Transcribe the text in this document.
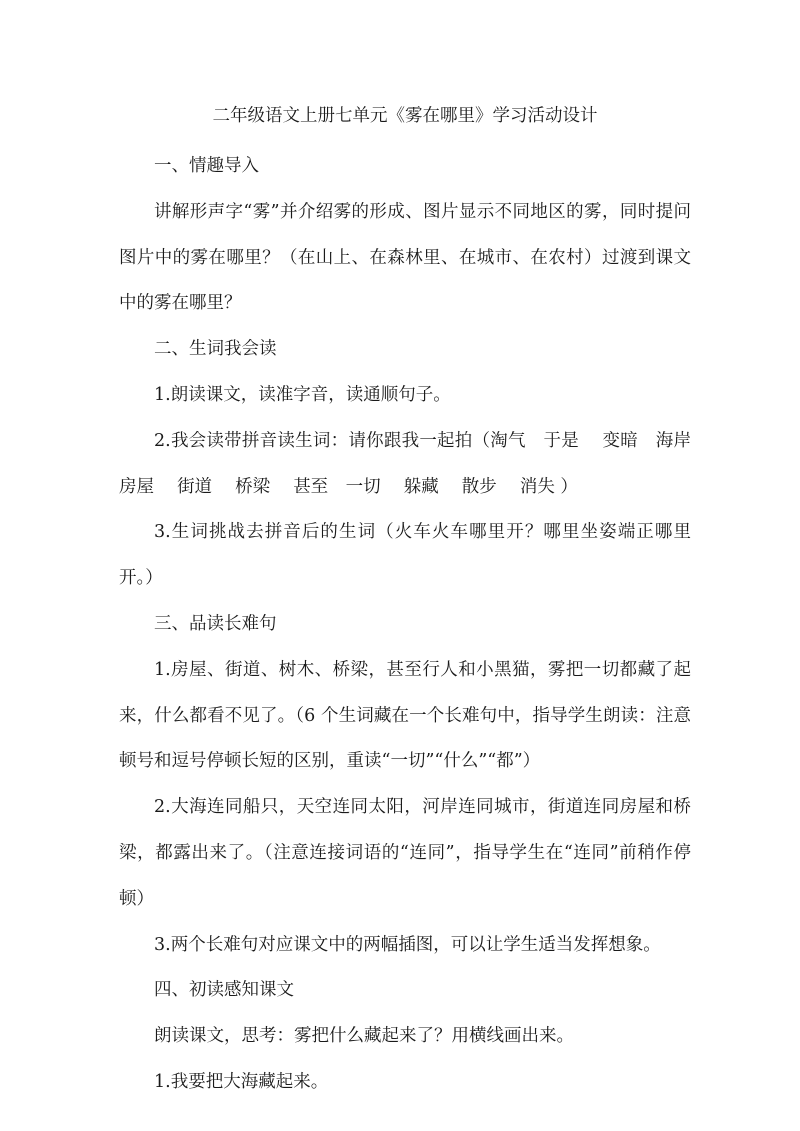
二年级语文上册七单元《雾在哪里》学习活动设计

一、情趣导入

讲解形声字“雾”并介绍雾的形成、图片显示不同地区的雾，同时提问图片中的雾在哪里？（在山上、在森林里、在城市、在农村）过渡到课文中的雾在哪里？

二、生词我会读

1.朗读课文，读准字音，读通顺句子。

2.我会读带拼音读生词：请你跟我一起拍（淘气　于是　 变暗　海岸　 房屋　 街道　 桥梁　 甚至　一切　 躲藏　 散步　 消失 ）

3.生词挑战去拼音后的生词（火车火车哪里开？哪里坐姿端正哪里开。）

三、品读长难句

1.房屋、街道、树木、桥梁，甚至行人和小黑猫，雾把一切都藏了起来，什么都看不见了。（6 个生词藏在一个长难句中，指导学生朗读：注意顿号和逗号停顿长短的区别，重读“一切”“什么”“都”）

2.大海连同船只，天空连同太阳，河岸连同城市，街道连同房屋和桥梁，都露出来了。（注意连接词语的“连同”，指导学生在“连同”前稍作停顿）

3.两个长难句对应课文中的两幅插图，可以让学生适当发挥想象。

四、初读感知课文

朗读课文，思考：雾把什么藏起来了？用横线画出来。

1.我要把大海藏起来。
